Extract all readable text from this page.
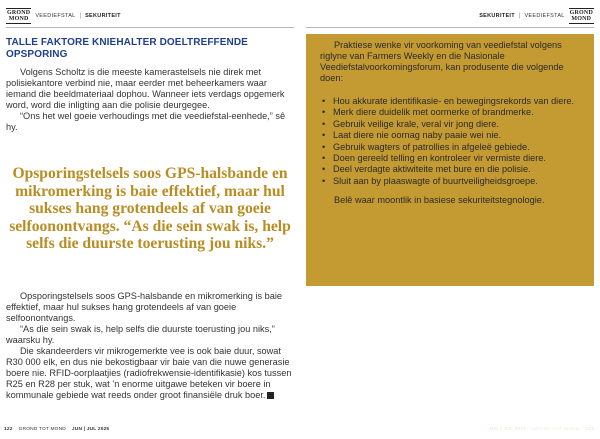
GROND
MOND	VEEDIEFSTAL | SEKURITEIT
TALLE FAKTORE KNIEHALTER DOELTREFFENDE OPSPORING

Volgens Scholtz is die meeste kamerastelsels nie direk met polisiekantore verbind nie, maar eerder met beheerkamers waar iemand die beeldmateriaal dophou. Wanneer iets verdags opgemerk word, word die inligting aan die polisie deurgegee.

“Ons het wel goeie verhoudings met die veediefstal-eenhede,” sê hy.

Opsporingstelsels soos GPS-halsbande en mikromerking is baie effektief, maar hul sukses hang grotendeels af van goeie selfoonontvangs. “As die sein swak is, help selfs die duurste toerusting jou niks.”

Opsporingstelsels soos GPS-halsbande en mikromerking is baie effektief, maar hul sukses hang grotendeels af van goeie selfoonontvangs.

“As die sein swak is, help selfs die duurste toerusting jou niks,” waarsku hy.

Die skandeerders vir mikrogemerkte vee is ook baie duur, sowat R30 000 elk, en dus nie bekostigbaar vir baie van die nuwe generasie boere nie. RFID-oorplaatjies (radiofrekwensie-identifikasie) kos tussen R25 en R28 per stuk, wat ’n enorme uitgawe beteken vir boere in kommunale gebiede wat reeds onder groot finansiële druk boer.

122 GROND TOT MOND JUN | JUL 2025
SEKURITEIT | VEEDIEFSTAL GROND
MOND
JUN | JUL 2025 GROND TOT MOND 123

Praktiese wenke vir voorkoming van veediefstal volgens riglyne van Farmers Weekly en die Nasionale Veediefstalvoorkomingsforum, kan produsente die volgende doen:

• Hou akkurate identifikasie- en bewegingsrekords van diere.
• Merk diere duidelik met oormerke of brandmerke.
• Gebruik veilige krale, veral vir jong diere.
• Laat diere nie oornag naby paaie wei nie.
• Gebruik wagters of patrollies in afgeleë gebiede.
• Doen gereeld telling en kontroleer vir vermiste diere.
• Deel verdagte aktiwiteite met bure en die polisie.
• Sluit aan by plaaswagte of buurtveiligheidsgroepe.

Belê waar moontlik in basiese sekuriteitstegnologie.
